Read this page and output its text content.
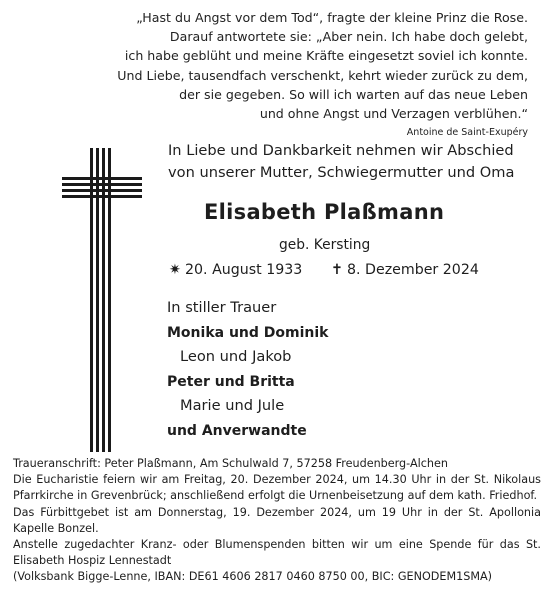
„Hast du Angst vor dem Tod“, fragte der kleine Prinz die Rose.
Darauf antwortete sie: „Aber nein. Ich habe doch gelebt,
ich habe geblüht und meine Kräfte eingesetzt soviel ich konnte.
Und Liebe, tausendfach verschenkt, kehrt wieder zurück zu dem,
der sie gegeben. So will ich warten auf das neue Leben
und ohne Angst und Verzagen verblühen.“
Antoine de Saint-Exupéry
In Liebe und Dankbarkeit nehmen wir Abschied
von unserer Mutter, Schwiegermutter und Oma
Elisabeth Plaßmann
geb. Kersting
✷ 20. August 1933 ✝ 8. Dezember 2024
In stiller Trauer
Monika und Dominik
Leon und Jakob
Peter und Britta
Marie und Jule
und Anverwandte

Traueranschrift: Peter Plaßmann, Am Schulwald 7, 57258 Freudenberg-Alchen

Die Eucharistie feiern wir am Freitag, 20. Dezember 2024, um 14.30 Uhr in der St. Nikolaus Pfarrkirche in Grevenbrück; anschließend erfolgt die Urnenbeisetzung auf dem kath. Friedhof.

Das Fürbittgebet ist am Donnerstag, 19. Dezember 2024, um 19 Uhr in der St. Apollonia Kapelle Bonzel.

Anstelle zugedachter Kranz- oder Blumenspenden bitten wir um eine Spende für das St. Elisabeth Hospiz Lennestadt

(Volksbank Bigge-Lenne, IBAN: DE61 4606 2817 0460 8750 00, BIC: GENODEM1SMA)
